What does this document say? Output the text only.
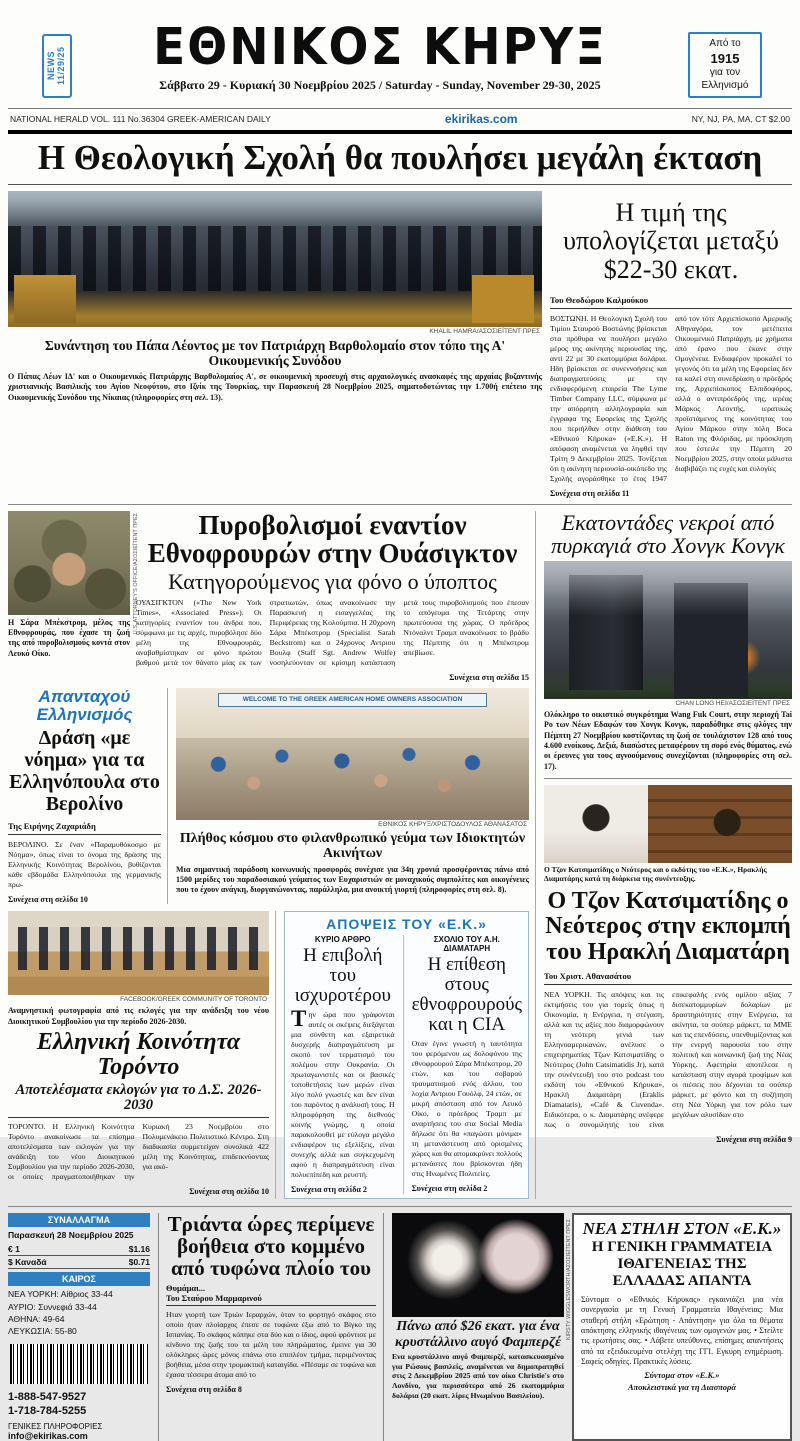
NEWS 11/29/25	ΕΘΝΙΚΟΣ ΚΗΡΥΞ
Σάββατο 29 - Κυριακή 30 Νοεμβρίου 2025 / Saturday - Sunday, November 29-30, 2025
Από το
1915
για τον
Ελληνισμό
NATIONAL HERALD VOL. 111 No.36304 GREEK-AMERICAN DAILY	ekirikas.com	NY, NJ, PA, MA, CT $2.00
Η Θεολογική Σχολή θα πουλήσει μεγάλη έκταση
KHALIL HAMRA/ΑΣΟΣΙΕΪΤΕΝΤ ΠΡΕΣ
Συνάντηση του Πάπα Λέοντος με τον Πατριάρχη Βαρθολομαίο στον τόπο της Α' Οικουμενικής Συνόδου

Ο Πάπας Λέων ΙΔ' και ο Οικουμενικός Πατριάρχης Βαρθολομαίος Α', σε οικουμενική προσευχή στις αρχαιολογικές ανασκαφές της αρχαίας βυζαντινής χριστιανικής Βασιλικής του Αγίου Νεοφύτου, στο Ιζνίκ της Τουρκίας, την Παρασκευή 28 Νοεμβρίου 2025, σηματοδοτώντας την 1.700ή επέτειο της Οικουμενικής Συνόδου της Νίκαιας (πληροφορίες στη σελ. 13).

Η τιμή της υπολογίζεται μεταξύ $22-30 εκατ.
Του Θεοδώρου Καλμούκου

ΒΟΣΤΩΝΗ. Η Θεολογική Σχολή του Τιμίου Σταυρού Βοστώνης βρίσκεται στα πρόθυρα να πουλήσει μεγάλο μέρος της ακίνητης περιουσίας της, αντί 22 με 30 εκατομμύρια δολάρια. Ηδη βρίσκεται σε συνεννοήσεις και διαπραγματεύσεις με την ενδιαφερόμενη εταιρεία The Lyme Timber Company LLC, σύμφωνα με την απόρρητη αλληλογραφία και έγγραφα της Εφορείας της Σχολής που περιήλθαν στην διάθεση του «Εθνικού Κήρυκα» («Ε.Κ.»). Η απόφαση αναμένεται να ληφθεί την Τρίτη 9 Δεκεμβρίου 2025. Τονίζεται ότι η ακίνητη περιουσία-οικόπεδο της Σχολής αγοράσθηκε το έτος 1947 από τον τότε Αρχιεπίσκοπο Αμερικής Αθηναγόρα, τον μετέπειτα Οικουμενικό Πατριάρχη, με χρήματα από έρανο που έκανε στην Ομογένεια. Ενδιαφέρον προκαλεί το γεγονός ότι τα μέλη της Εφορείας δεν τα καλεί στη συνεδρίαση ο πρόεδρός της, Αρχιεπίσκοπος Ελπιδοφόρος, αλλά ο αντιπρόεδρός της, ιερέας Μάρκος Λεοντής, ιερατικώς προϊστάμενος της κοινότητας του Αγίου Μάρκου στην πόλη Boca Raton της Φλόριδας, με πρόσκληση που έστειλε την Πέμπτη 20 Νοεμβρίου 2025, στην οποία μάλιστα διαβιβάζει τις ευχές και ευλογίες

Συνέχεια στη σελίδα 11
U.S. ATTORNEY'S OFFICE/ΑΣΟΣΙΕΪΤΕΝΤ ΠΡΕΣ

Η Σάρα Μπέκστρομ, μέλος της Εθνοφρουράς, που έχασε τη ζωή της από πυροβολισμούς κοντά στον Λευκό Οίκο.

Πυροβολισμοί εναντίον Εθνοφρουρών στην Ουάσιγκτον
Κατηγορούμενος για φόνο ο ύποπτος

ΟΥΑΣΙΓΚΤΟΝ («The New York Times», «Associated Press»). Οι κατηγορίες εναντίον του άνδρα που, σύμφωνα με τις αρχές, πυροβόλησε δύο μέλη της Εθνοφρουράς, αναβαθμίστηκαν σε φόνο πρώτου βαθμού μετά τον θάνατο μίας εκ των στρατιωτών, όπως ανακοίνωσε την Παρασκευή η εισαγγελέας της Περιφέρειας της Κολούμπια. Η 20χρονη Σάρα Μπέκστρομ (Specialist Sarah Beckstrom) και ο 24χρονος Αντριου Βουλφ (Staff Sgt. Andrew Wolfe) νοσηλεύονταν σε κρίσιμη κατάσταση μετά τους πυροβολισμούς που έπεσαν το απόγευμα της Τετάρτης στην πρωτεύουσα της χώρας. Ο πρόεδρος Ντόναλντ Τραμπ ανακοίνωσε το βράδυ της Πέμπτης ότι η Μπέκστρομ απεβίωσε.

Συνέχεια στη σελίδα 15
Απανταχού Ελληνισμός
Δράση «με νόημα» για τα Ελληνόπουλα στο Βερολίνο
Της Ειρήνης Ζαχαριάδη

ΒΕΡΟΛΙΝΟ. Σε έναν «Παραμυθόκοσμο με Νόημα», όπως είναι το όνομα της δράσης της Ελληνικής Κοινότητας Βερολίνου, βυθίζονται κάθε εβδομάδα Ελληνόπουλα της γερμανικής πρω-

Συνέχεια στη σελίδα 10
WELCOME TO THE GREEK AMERICAN HOME OWNERS ASSOCIATION
ΕΘΝΙΚΟΣ ΚΗΡΥΞ/ΧΡΙΣΤΟΔΟΥΛΟΣ ΑΘΑΝΑΣΑΤΟΣ
Πλήθος κόσμου στο φιλανθρωπικό γεύμα των Ιδιοκτητών Ακινήτων

Μια σημαντική παράδοση κοινωνικής προσφοράς συνέχισε για 34η χρονιά προσφέροντας πάνω από 1500 μερίδες του παραδοσιακού γεύματος των Ευχαριστιών σε μοναχικούς συμπολίτες και οικογένειες που το έχουν ανάγκη, διοργανώνοντας, παράλληλα, μια ανοικτή γιορτή (πληροφορίες στη σελ. 8).

FACEBOOK/GREEK COMMUNITY OF TORONTO

Αναμνηστική φωτογραφία από τις εκλογές για την ανάδειξη του νέου Διοικητικού Συμβουλίου για την περίοδο 2026-2030.

Ελληνική Κοινότητα Τορόντο
Αποτελέσματα εκλογών για το Δ.Σ. 2026-2030

ΤΟΡΟΝΤΟ. Η Ελληνική Κοινότητα Τορόντο ανακοίνωσε τα επίσημα αποτελέσματα των εκλογών για την ανάδειξη του νέου Διοικητικού Συμβουλίου για την περίοδο 2026-2030, οι οποίες πραγματοποιήθηκαν την Κυριακή 23 Νοεμβρίου στο Πολυμενάκειο Πολιτιστικό Κέντρο. Στη διαδικασία συμμετείχαν συνολικά 422 μέλη της Κοινότητας, επιδεικνύοντας για ακό-

Συνέχεια στη σελίδα 10
ΑΠΟΨΕΙΣ ΤΟΥ «Ε.Κ.»
ΚΥΡΙΟ ΑΡΘΡΟ
Η επιβολή του ισχυροτέρου

Την ώρα που γράφονται αυτές οι σκέψεις διεξάγεται μια σύνθετη και εξαιρετικά δυσχερής διαπραγμάτευση με σκοπό τον τερματισμό του πολέμου στην Ουκρανία. Οι πρωταγωνιστές και οι βασικές τοποθετήσεις των μερών είναι λίγο πολύ γνωστές και δεν είναι του παρόντος η ανάλυσή τους. Η πληροφόρηση της διεθνούς κοινής γνώμης, η οποία παρακολουθεί με εύλογα μεγάλο ενδιαφέρον τις εξελίξεις, είναι συνεχής αλλά και συγκεχυμένη αφού η διαπραγμάτευση είναι πολυεπίπεδη και ρευστή.

Συνέχεια στη σελίδα 2
ΣΧΟΛΙΟ ΤΟΥ Α.Η. ΔΙΑΜΑΤΑΡΗ
Η επίθεση στους εθνοφρουρούς και η CIA

Οταν έγινε γνωστή η ταυτότητα του φερόμενου ως δολοφόνου της εθνοφρουρού Σάρα Μπέκστρομ, 20 ετών, και του σοβαρού τραυματισμού ενός άλλου, του λοχία Αντριου Γουόλφ, 24 ετών, σε μικρή απόσταση από τον Λευκό Οίκο, ο πρόεδρος Τραμπ με αναρτήσεις του στα Social Media δήλωσε ότι θα «παγώσει μόνιμα» τη μετανάστευση από ορισμένες χώρες και θα απομακρύνει πολλούς μετανάστες που βρίσκονται ήδη στις Ηνωμένες Πολιτείες.

Συνέχεια στη σελίδα 2
Εκατοντάδες νεκροί από πυρκαγιά στο Χονγκ Κονγκ
CHAN LONG HEI/ΑΣΟΣΙΕΪΤΕΝΤ ΠΡΕΣ

Ολόκληρο το οικιστικό συγκρότημα Wang Fuk Court, στην περιοχή Tai Po των Νέων Εδαφών του Χονγκ Κονγκ, παραδόθηκε στις φλόγες την Πέμπτη 27 Νοεμβρίου κοστίζοντας τη ζωή σε τουλάχιστον 128 από τους 4.600 ενοίκους. Δεξιά, διασώστες μεταφέρουν τη σορό ενός θύματος, ενώ οι έρευνες για τους αγνοούμενους συνεχίζονται (πληροφορίες στη σελ. 17).

Ο Τζον Κατσιματίδης ο Νεότερος και ο εκδότης του «Ε.Κ.», Ηρακλής Διαματάρης κατά τη διάρκεια της συνέντευξης.

Ο Τζον Κατσιματίδης ο Νεότερος στην εκπομπή του Ηρακλή Διαματάρη
Του Χριστ. Αθανασάτου

ΝΕΑ ΥΟΡΚΗ. Τις απόψεις και τις εκτιμήσεις του για τομείς όπως η Οικονομία, η Ενέργεια, η στέγαση, αλλά και τις αξίες που διαμορφώνουν τη νεότερη γενιά των Ελληνοαμερικανών, ανέλυσε ο επιχειρηματίας Τζων Κατσιματίδης ο Νεότερος (John Catsimatidis Jr), κατά την συνέντευξή του στο podcast του εκδότη του «Εθνικού Κήρυκα», Ηρακλή Διαματάρη (Eraklis Diamataris), «Café & Cuvenda». Ειδικότερα, ο κ. Διαματάρης ανέφερε πως ο συνομιλητής του είναι επικεφαλής ενός ομίλου αξίας 7 δισεκατομμυρίων δολαρίων με δραστηριότητες στην Ενέργεια, τα ακίνητα, τα σούπερ μάρκετ, τα ΜΜΕ και τις επενδύσεις, υπενθυμίζοντας και την ενεργή παρουσία του στην πολιτική και κοινωνική ζωή της Νέας Υόρκης. Αφετηρία αποτέλεσε η κατάσταση στην αγορά τροφίμων και οι πιέσεις που δέχονται τα σούπερ μάρκετ, με φόντο και τη συζήτηση στη Νέα Υόρκη για τον ρόλο των μεγάλων αλυσίδων στο

Συνέχεια στη σελίδα 9
ΣΥΝΑΛΛΑΓΜΑ
Παρασκευή 28 Νοεμβρίου 2025
€ 1	$1.16
$ Καναδά	$0.71
ΚΑΙΡΟΣ
ΝΕΑ ΥΟΡΚΗ: Αίθριος 33-44
ΑΥΡΙΟ: Συννεφιά 33-44
ΑΘΗΝΑ: 49-64
ΛΕΥΚΩΣΙΑ: 55-80
1-888-547-9527
1-718-784-5255
ΓΕΝΙΚΕΣ ΠΛΗΡΟΦΟΡΙΕΣ
info@ekirikas.com
Τριάντα ώρες περίμενε βοήθεια στο κομμένο από τυφώνα πλοίο του
Θυμάμαι...
Του Σταύρου Μαρμαρινού

Ηταν γιορτή των Τριών Ιεραρχών, όταν το φορτηγό σκάφος στο οποίο ήταν πλοίαρχος έπεσε σε τυφώνα έξω από το Βίγκο της Ισπανίας. Το σκάφος κόπηκε στα δύο και ο ίδιος, αφού φρόντισε με κίνδυνο της ζωής του τα μέλη του πληρώματος, έμεινε για 30 ολόκληρες ώρες μόνος επάνω στο επιπλέον τμήμα, περιμένοντας βοήθεια, μέσα στην τρομακτική καταιγίδα. «Πέσαμε σε τυφώνα και έχασα τέσσερα άτομα από το

Συνέχεια στη σελίδα 8
KIRSTY WIGGLESWORTH/ΑΣΟΣΙΕΪΤΕΝΤ ΠΡΕΣ
Πάνω από $26 εκατ. για ένα κρυστάλλινο αυγό Φαμπερζέ

Ενα κρυστάλλινο αυγό Φαμπερζέ, κατασκευασμένο για Ρώσους βασιλείς, αναμένεται να δημοπρατηθεί στις 2 Δεκεμβρίου 2025 από τον οίκο Christie's στο Λονδίνο, για περισσότερα από 26 εκατομμύρια δολάρια (20 εκατ. λίρες Ηνωμένου Βασιλείου).

ΝΕΑ ΣΤΗΛΗ ΣΤΟΝ «Ε.Κ.»
Η ΓΕΝΙΚΗ ΓΡΑΜΜΑΤΕΙΑ ΙΘΑΓΕΝΕΙΑΣ ΤΗΣ ΕΛΛΑΔΑΣ ΑΠΑΝΤΑ

Σύντομα ο «Εθνικός Κήρυκας» εγκαινιάζει μια νέα συνεργασία με τη Γενική Γραμματεία Ιθαγένειας: Μια σταθερή στήλη «Ερώτηση - Απάντηση» για όλα τα θέματα απόκτησης ελληνικής ιθαγένειας των ομογενών μας. • Στείλτε τις ερωτήσεις σας. • Λάβετε υπεύθυνες, επίσημες απαντήσεις από τα εξειδικευμένα στελέχη της ΓΓΙ. Εγκυρη ενημέρωση. Σαφείς οδηγίες. Πρακτικές λύσεις.

Σύντομα στον «Ε.Κ.»
Αποκλειστικά για τη Διασπορά
